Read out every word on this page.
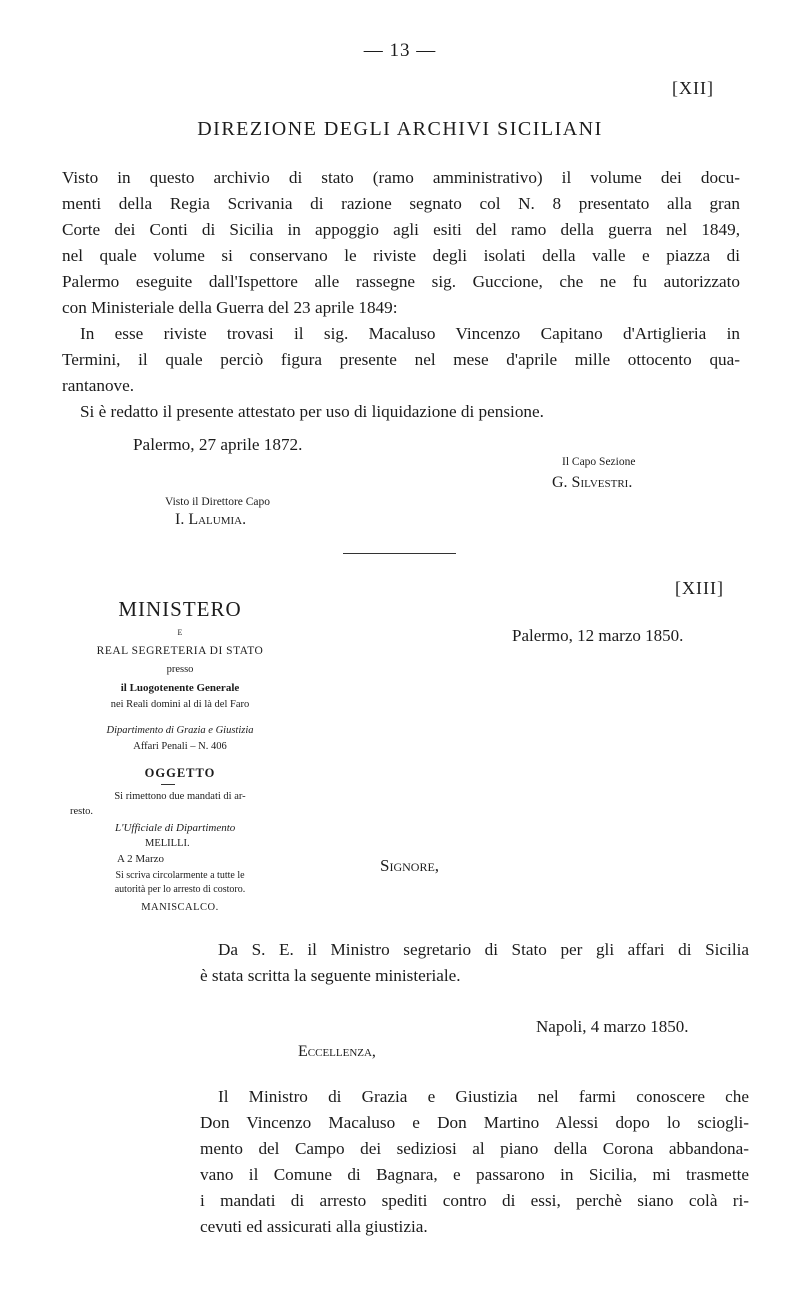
— 13 —
[XII]
DIREZIONE DEGLI ARCHIVI SICILIANI
Visto in questo archivio di stato (ramo amministrativo) il volume dei docu-
menti della Regia Scrivania di razione segnato col N. 8 presentato alla gran
Corte dei Conti di Sicilia in appoggio agli esiti del ramo della guerra nel 1849,
nel quale volume si conservano le riviste degli isolati della valle e piazza di
Palermo eseguite dall'Ispettore alle rassegne sig. Guccione, che ne fu autorizzato
con Ministeriale della Guerra del 23 aprile 1849:
In esse riviste trovasi il sig. Macaluso Vincenzo Capitano d'Artiglieria in
Termini, il quale perciò figura presente nel mese d'aprile mille ottocento qua-
rantanove.
Si è redatto il presente attestato per uso di liquidazione di pensione.
Palermo, 27 aprile 1872.
Il Capo Sezione
G. Silvestri.
Visto il Direttore Capo
I. Lalumia.
[XIII]
MINISTERO
E
REAL SEGRETERIA DI STATO
presso
il Luogotenente Generale
nei Reali domini al di là del Faro
Dipartimento di Grazia e Giustizia
Affari Penali – N. 406
OGGETTO
Si rimettono due mandati di ar-
resto.
L'Ufficiale di Dipartimento
MELILLI.
A 2 Marzo
Si scriva circolarmente a tutte le
autorità per lo arresto di costoro.
MANISCALCO.
Palermo, 12 marzo 1850.
Signore,
Da S. E. il Ministro segretario di Stato per gli affari di Sicilia
è stata scritta la seguente ministeriale.
Napoli, 4 marzo 1850.
Eccellenza,
Il Ministro di Grazia e Giustizia nel farmi conoscere che
Don Vincenzo Macaluso e Don Martino Alessi dopo lo sciogli-
mento del Campo dei sediziosi al piano della Corona abbandona-
vano il Comune di Bagnara, e passarono in Sicilia, mi trasmette
i mandati di arresto spediti contro di essi, perchè siano colà ri-
cevuti ed assicurati alla giustizia.
